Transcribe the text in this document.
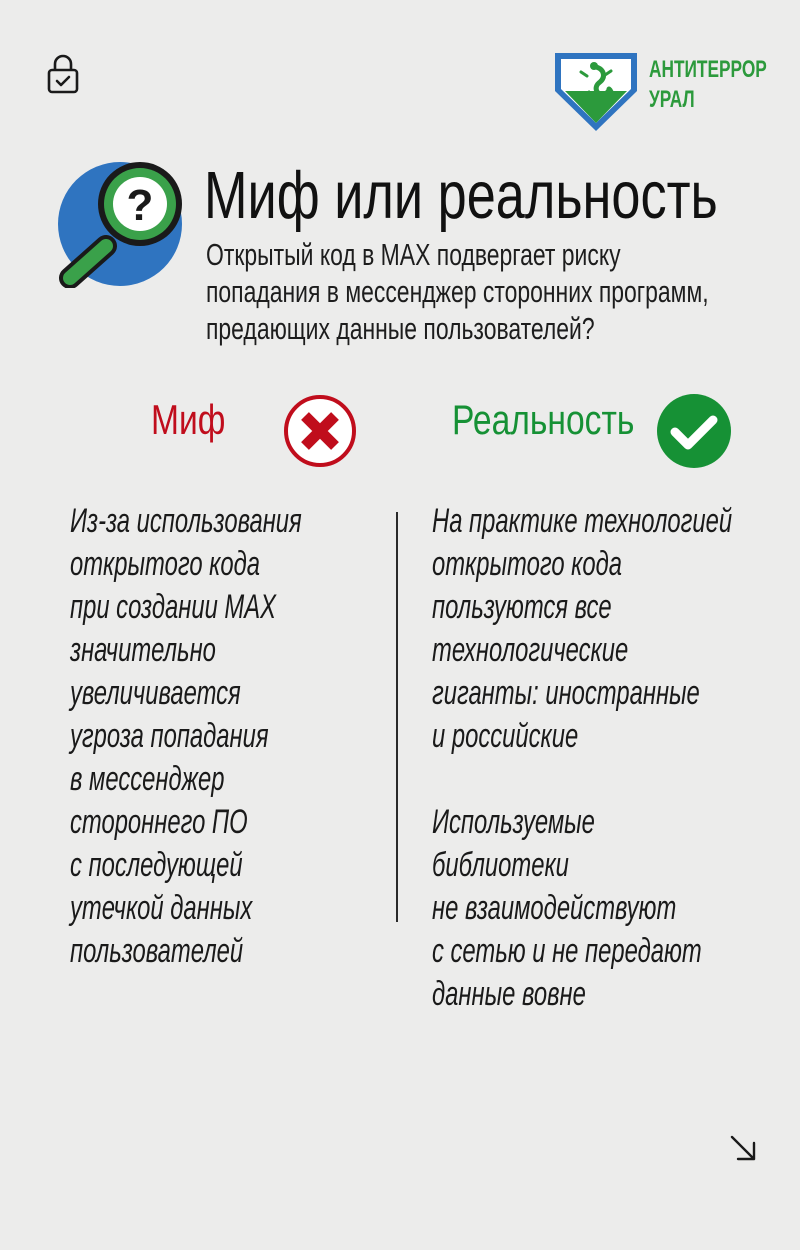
АНТИТЕРРОР
УРАЛ
? Миф или реальность
Открытый код в MAX подвергает риску
попадания в мессенджер сторонних программ,
предающих данные пользователей?
Миф	Реальность
Из-за использования
открытого кода
при создании MAX
значительно
увеличивается
угроза попадания
в мессенджер
стороннего ПО
с последующей
утечкой данных
пользователей
На практике технологией
открытого кода
пользуются все
технологические
гиганты: иностранные
и российские
Используемые
библиотеки
не взаимодействуют
с сетью и не передают
данные вовне
